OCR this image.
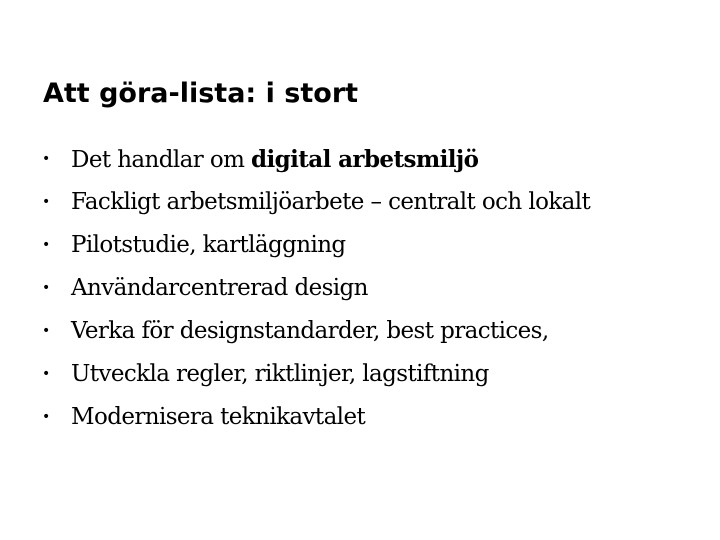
Att göra-lista: i stort
• Det handlar om digital arbetsmiljö
• Fackligt arbetsmiljöarbete – centralt och lokalt
• Pilotstudie, kartläggning
• Användarcentrerad design
• Verka för designstandarder, best practices,
• Utveckla regler, riktlinjer, lagstiftning
• Modernisera teknikavtalet
